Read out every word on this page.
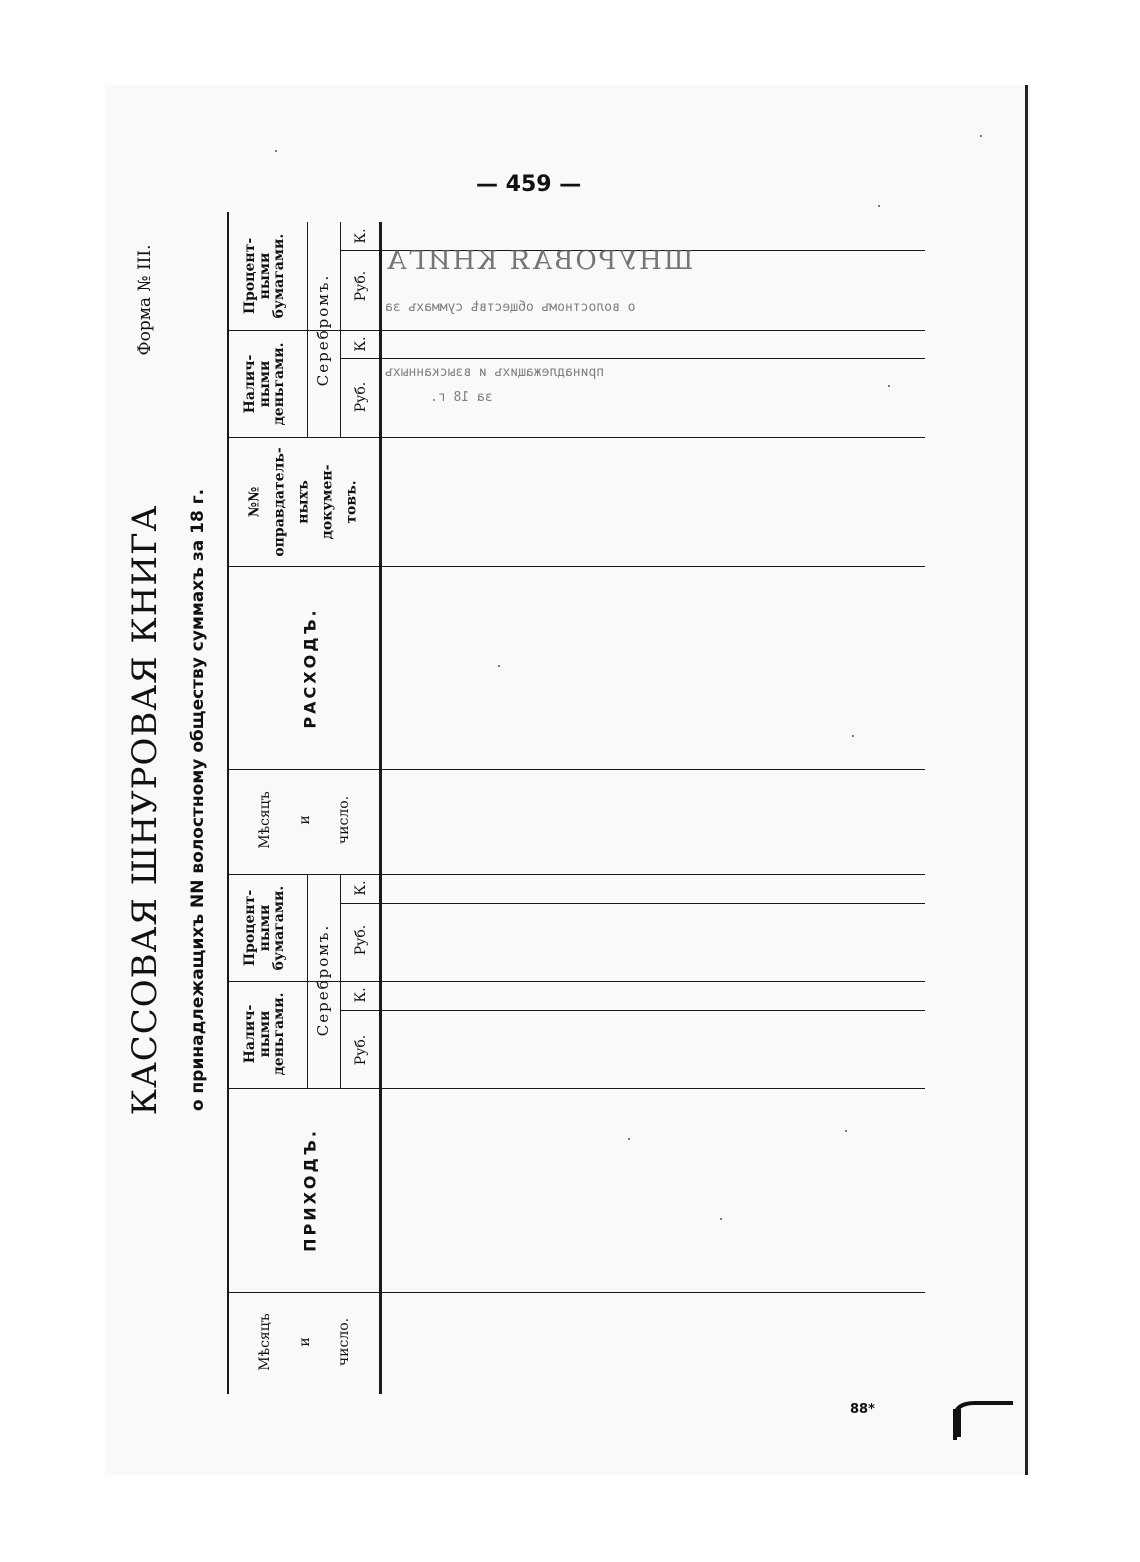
— 459 —
Форма № III.
КАССОВАЯ ШНУРОВАЯ КНИГА о принадлежащихъ NN волостному обществу суммахъ за 18 г.
Мѣсяцъ и число.
ПРИХОДЪ.
Налич- ными деньгами.
Процент- ными бумагами. Серебромъ.
Руб.
К.
Руб.
К.
Мѣсяцъ и число.
РАСХОДЪ.
№№ оправдатель- ныхъ докумен- товъ.
Налич- ными деньгами.
Процент- ными бумагами. Серебромъ.
Руб.
К.
Руб.
К.
ШНУРОВАЯ КНИГА
о волостномъ обществѣ суммахъ за
принадлежащихъ и взысканныхъ
за 18 г.
88*
